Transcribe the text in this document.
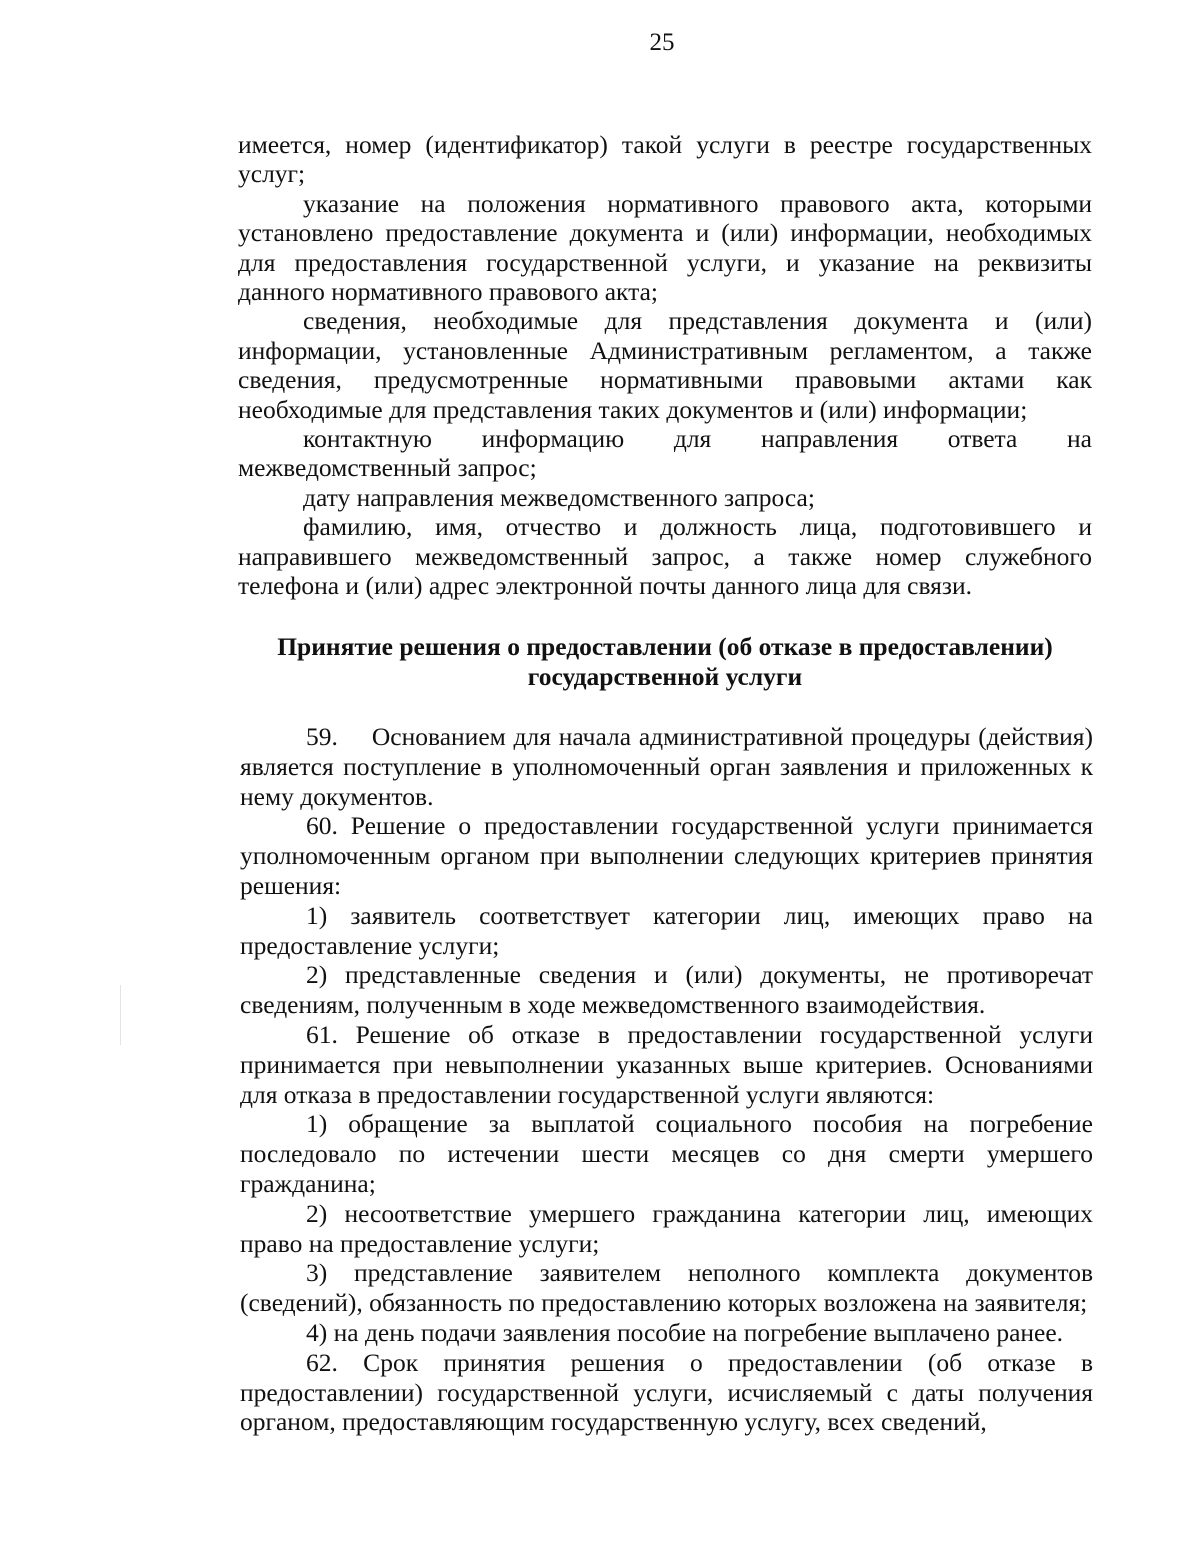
25

имеется, номер (идентификатор) такой услуги в реестре государственных услуг;

указание на положения нормативного правового акта, которыми установлено предоставление документа и (или) информации, необходимых для предоставления государственной услуги, и указание на реквизиты данного нормативного правового акта;

сведения, необходимые для представления документа и (или) информации, установленные Административным регламентом, а также сведения, предусмотренные нормативными правовыми актами как необходимые для представления таких документов и (или) информации;

контактную информацию для направления ответа на межведомственный запрос;

дату направления межведомственного запроса;

фамилию, имя, отчество и должность лица, подготовившего и направившего межведомственный запрос, а также номер служебного телефона и (или) адрес электронной почты данного лица для связи.

Принятие решения о предоставлении (об отказе в предоставлении)
государственной услуги

59. Основанием для начала административной процедуры (действия) является поступление в уполномоченный орган заявления и приложенных к нему документов.

60. Решение о предоставлении государственной услуги принимается уполномоченным органом при выполнении следующих критериев принятия решения:

1) заявитель соответствует категории лиц, имеющих право на предоставление услуги;

2) представленные сведения и (или) документы, не противоречат сведениям, полученным в ходе межведомственного взаимодействия.

61. Решение об отказе в предоставлении государственной услуги принимается при невыполнении указанных выше критериев. Основаниями для отказа в предоставлении государственной услуги являются:

1) обращение за выплатой социального пособия на погребение последовало по истечении шести месяцев со дня смерти умершего гражданина;

2) несоответствие умершего гражданина категории лиц, имеющих право на предоставление услуги;

3) представление заявителем неполного комплекта документов (сведений), обязанность по предоставлению которых возложена на заявителя;

4) на день подачи заявления пособие на погребение выплачено ранее.

62. Срок принятия решения о предоставлении (об отказе в предоставлении) государственной услуги, исчисляемый с даты получения органом, предоставляющим государственную услугу, всех сведений,
